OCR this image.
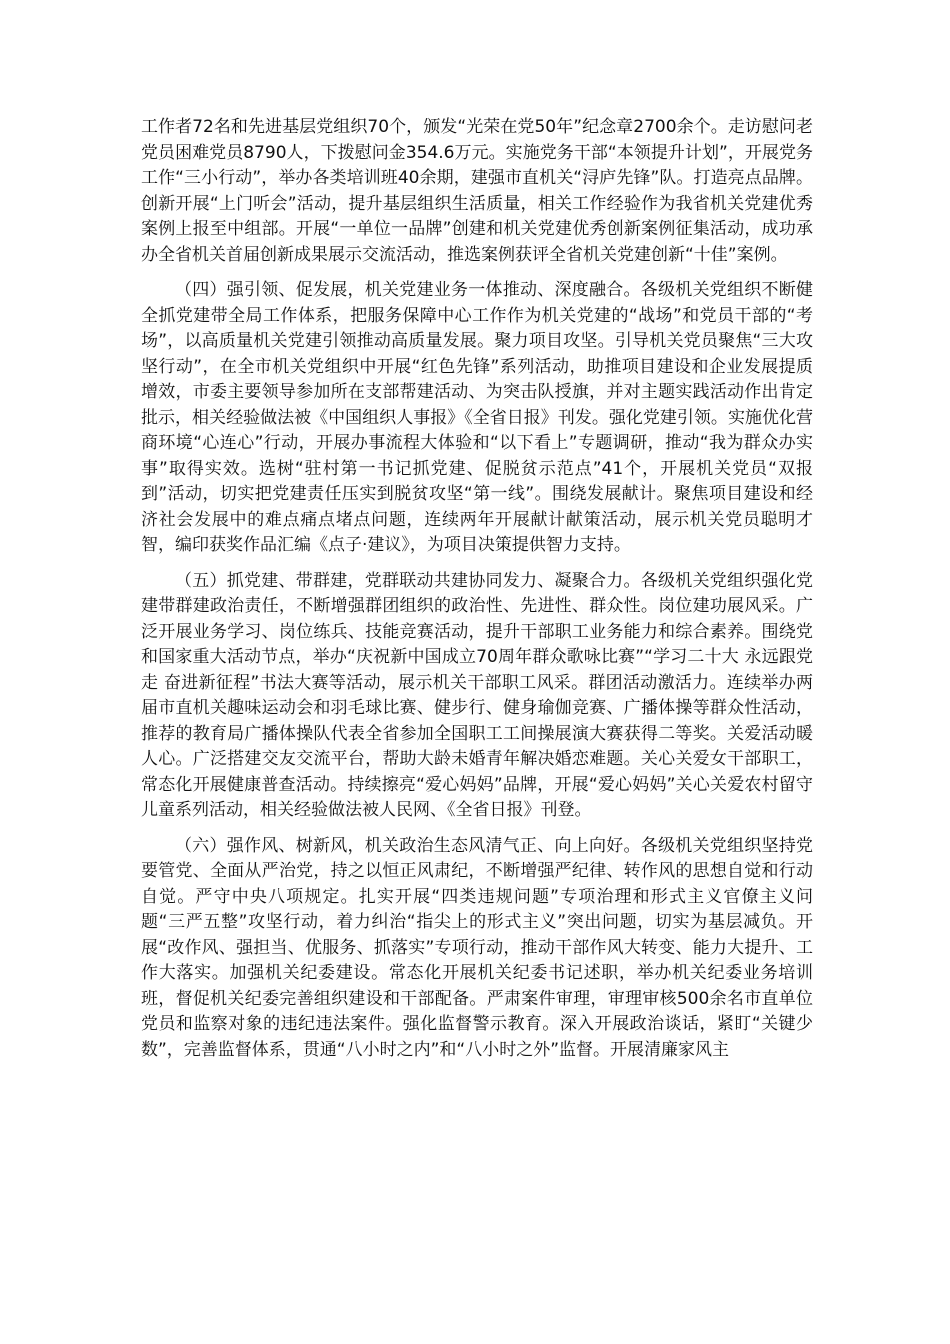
工作者72名和先进基层党组织70个，颁发“光荣在党50年”纪念章2700余个。走访慰问老党员困难党员8790人，下拨慰问金354.6万元。实施党务干部“本领提升计划”，开展党务工作“三小行动”，举办各类培训班40余期，建强市直机关“浔庐先锋”队。打造亮点品牌。创新开展“上门听会”活动，提升基层组织生活质量，相关工作经验作为我省机关党建优秀案例上报至中组部。开展“一单位一品牌”创建和机关党建优秀创新案例征集活动，成功承办全省机关首届创新成果展示交流活动，推选案例获评全省机关党建创新“十佳”案例。

（四）强引领、促发展，机关党建业务一体推动、深度融合。各级机关党组织不断健全抓党建带全局工作体系，把服务保障中心工作作为机关党建的“战场”和党员干部的“考场”，以高质量机关党建引领推动高质量发展。聚力项目攻坚。引导机关党员聚焦“三大攻坚行动”，在全市机关党组织中开展“红色先锋”系列活动，助推项目建设和企业发展提质增效，市委主要领导参加所在支部帮建活动、为突击队授旗，并对主题实践活动作出肯定批示，相关经验做法被《中国组织人事报》《全省日报》刊发。强化党建引领。实施优化营商环境“心连心”行动，开展办事流程大体验和“以下看上”专题调研，推动“我为群众办实事”取得实效。选树“驻村第一书记抓党建、促脱贫示范点”41个，开展机关党员“双报到”活动，切实把党建责任压实到脱贫攻坚“第一线”。围绕发展献计。聚焦项目建设和经济社会发展中的难点痛点堵点问题，连续两年开展献计献策活动，展示机关党员聪明才智，编印获奖作品汇编《点子·建议》，为项目决策提供智力支持。

（五）抓党建、带群建，党群联动共建协同发力、凝聚合力。各级机关党组织强化党建带群建政治责任，不断增强群团组织的政治性、先进性、群众性。岗位建功展风采。广泛开展业务学习、岗位练兵、技能竞赛活动，提升干部职工业务能力和综合素养。围绕党和国家重大活动节点，举办“庆祝新中国成立70周年群众歌咏比赛”“学习二十大 永远跟党走 奋进新征程”书法大赛等活动，展示机关干部职工风采。群团活动激活力。连续举办两届市直机关趣味运动会和羽毛球比赛、健步行、健身瑜伽竞赛、广播体操等群众性活动，推荐的教育局广播体操队代表全省参加全国职工工间操展演大赛获得二等奖。关爱活动暖人心。广泛搭建交友交流平台，帮助大龄未婚青年解决婚恋难题。关心关爱女干部职工，常态化开展健康普查活动。持续擦亮“爱心妈妈”品牌，开展“爱心妈妈”关心关爱农村留守儿童系列活动，相关经验做法被人民网、《全省日报》刊登。

（六）强作风、树新风，机关政治生态风清气正、向上向好。各级机关党组织坚持党要管党、全面从严治党，持之以恒正风肃纪，不断增强严纪律、转作风的思想自觉和行动自觉。严守中央八项规定。扎实开展“四类违规问题”专项治理和形式主义官僚主义问题“三严五整”攻坚行动，着力纠治“指尖上的形式主义”突出问题，切实为基层减负。开展“改作风、强担当、优服务、抓落实”专项行动，推动干部作风大转变、能力大提升、工作大落实。加强机关纪委建设。常态化开展机关纪委书记述职，举办机关纪委业务培训班，督促机关纪委完善组织建设和干部配备。严肃案件审理，审理审核500余名市直单位党员和监察对象的违纪违法案件。强化监督警示教育。深入开展政治谈话，紧盯“关键少数”，完善监督体系，贯通“八小时之内”和“八小时之外”监督。开展清廉家风主
